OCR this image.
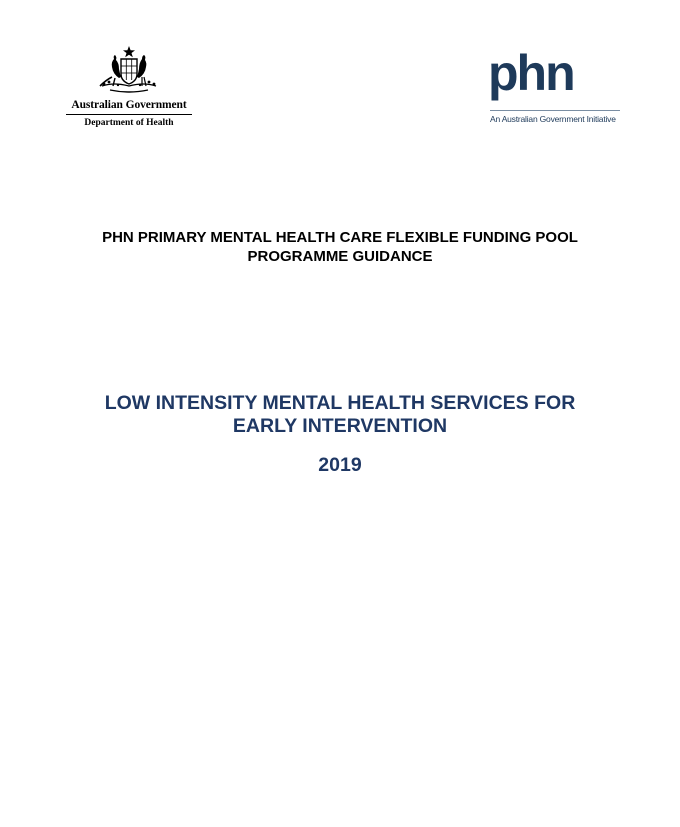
Australian Government
Department of Health
phn
An Australian Government Initiative
PHN PRIMARY MENTAL HEALTH CARE FLEXIBLE FUNDING POOL
PROGRAMME GUIDANCE
LOW INTENSITY MENTAL HEALTH SERVICES FOR
EARLY INTERVENTION
2019
